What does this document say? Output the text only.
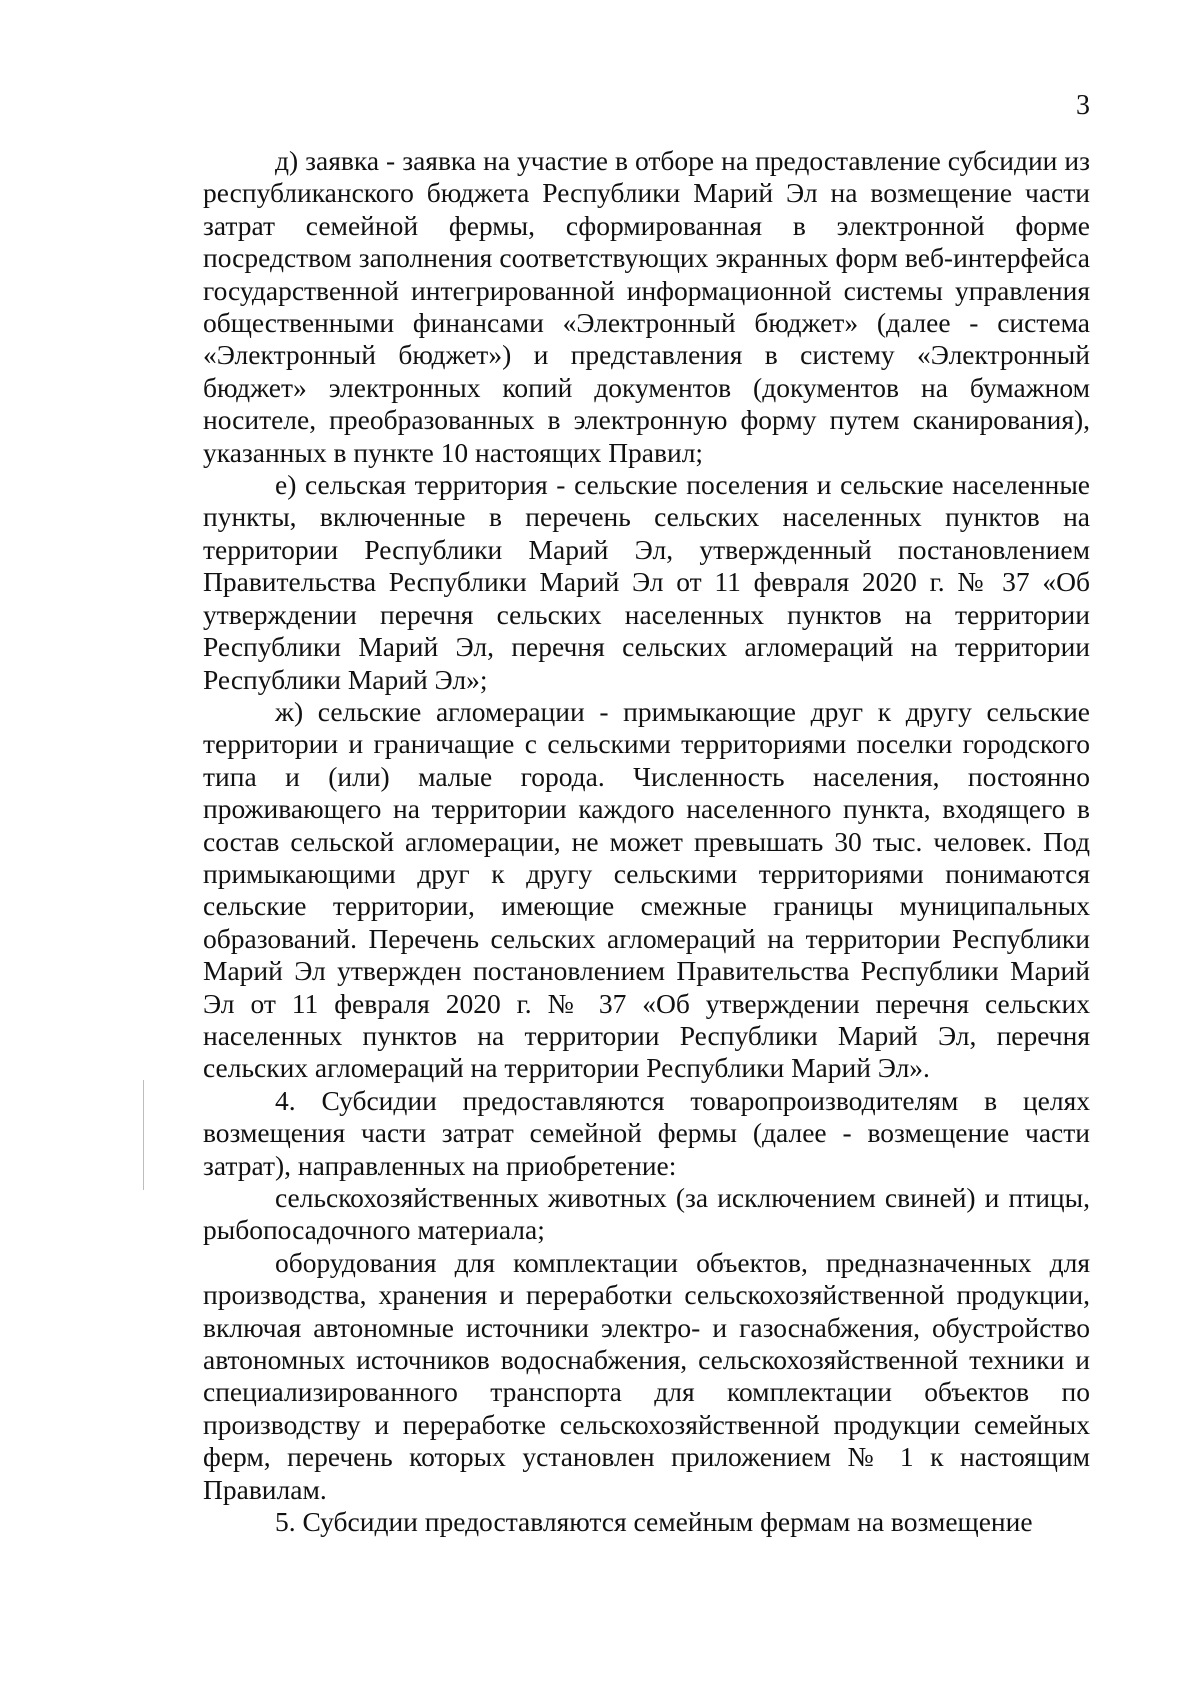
3

д) заявка - заявка на участие в отборе на предоставление субсидии из республиканского бюджета Республики Марий Эл на возмещение части затрат семейной фермы, сформированная в электронной форме посредством заполнения соответствующих экранных форм веб-интерфейса государственной интегрированной информационной системы управления общественными финансами «Электронный бюджет» (далее - система «Электронный бюджет») и представления в систему «Электронный бюджет» электронных копий документов (документов на бумажном носителе, преобразованных в электронную форму путем сканирования), указанных в пункте 10 настоящих Правил;

е) сельская территория - сельские поселения и сельские населенные пункты, включенные в перечень сельских населенных пунктов на территории Республики Марий Эл, утвержденный постановлением Правительства Республики Марий Эл от 11 февраля 2020 г. № 37 «Об утверждении перечня сельских населенных пунктов на территории Республики Марий Эл, перечня сельских агломераций на территории Республики Марий Эл»;

ж) сельские агломерации - примыкающие друг к другу сельские территории и граничащие с сельскими территориями поселки городского типа и (или) малые города. Численность населения, постоянно проживающего на территории каждого населенного пункта, входящего в состав сельской агломерации, не может превышать 30 тыс. человек. Под примыкающими друг к другу сельскими территориями понимаются сельские территории, имеющие смежные границы муниципальных образований. Перечень сельских агломераций на территории Республики Марий Эл утвержден постановлением Правительства Республики Марий Эл от 11 февраля 2020 г. № 37 «Об утверждении перечня сельских населенных пунктов на территории Республики Марий Эл, перечня сельских агломераций на территории Республики Марий Эл».

4. Субсидии предоставляются товаропроизводителям в целях возмещения части затрат семейной фермы (далее - возмещение части затрат), направленных на приобретение:

сельскохозяйственных животных (за исключением свиней) и птицы, рыбопосадочного материала;

оборудования для комплектации объектов, предназначенных для производства, хранения и переработки сельскохозяйственной продукции, включая автономные источники электро- и газоснабжения, обустройство автономных источников водоснабжения, сельскохозяйственной техники и специализированного транспорта для комплектации объектов по производству и переработке сельскохозяйственной продукции семейных ферм, перечень которых установлен приложением № 1 к настоящим Правилам.

5. Субсидии предоставляются семейным фермам на возмещение
